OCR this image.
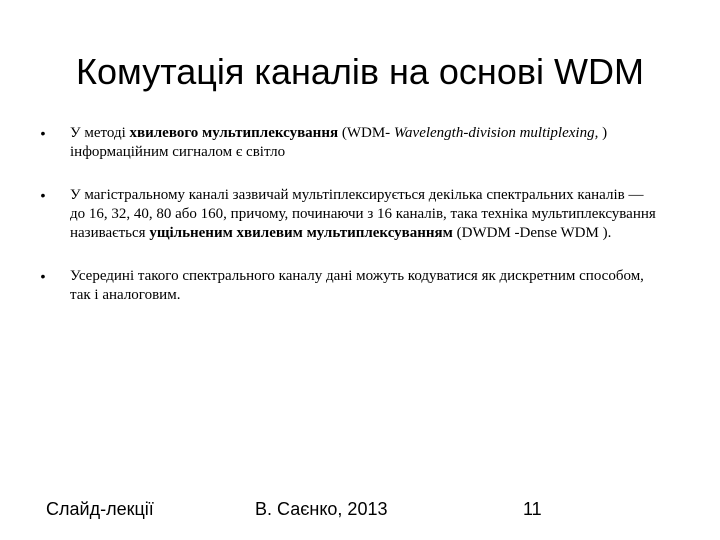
Комутація каналів на основі WDM
•	У методі хвилевого мультиплексування (WDM- Wavelength-division multiplexing, ) інформаційним сигналом є світло
•	У магістральному каналі зазвичай мультіплексирується декілька спектральних каналів — до 16, 32, 40, 80 або 160, причому, починаючи з 16 каналів, така техніка мультиплексування називається ущільненим хвилевим мультиплексуванням (DWDM -Dense WDM ).
•	Усередині такого спектрального каналу дані можуть кодуватися як дискретним способом, так і аналоговим.
Слайд-лекції	В. Саєнко, 2013	11
